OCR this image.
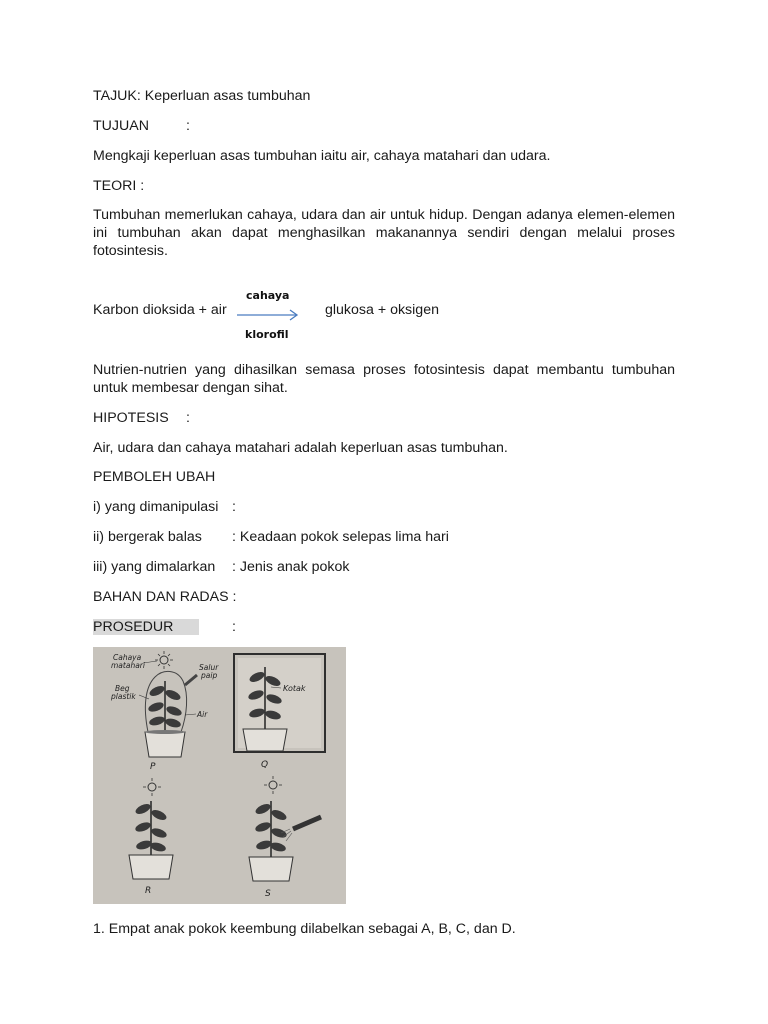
TAJUK: Keperluan asas tumbuhan
TUJUAN	:
Mengkaji keperluan asas tumbuhan iaitu air, cahaya matahari dan udara.
TEORI :
Tumbuhan memerlukan cahaya, udara dan air untuk hidup. Dengan adanya elemen-elemen ini tumbuhan akan dapat menghasilkan makanannya sendiri dengan melalui proses fotosintesis.
Karbon dioksida + air
cahaya
klorofil
glukosa + oksigen
Nutrien-nutrien yang dihasilkan semasa proses fotosintesis dapat membantu tumbuhan untuk membesar dengan sihat.
HIPOTESIS :
Air, udara dan cahaya matahari adalah keperluan asas tumbuhan.
PEMBOLEH UBAH
i) yang dimanipulasi :
ii) bergerak balas : Keadaan pokok selepas lima hari
iii) yang dimalarkan : Jenis anak pokok
BAHAN DAN RADAS :
PROSEDUR	:
Cahaya
matahari	Salur
paip
Beg
plastik
Air
P
Kotak
Q
R	S
1. Empat anak pokok keembung dilabelkan sebagai A, B, C, dan D.
